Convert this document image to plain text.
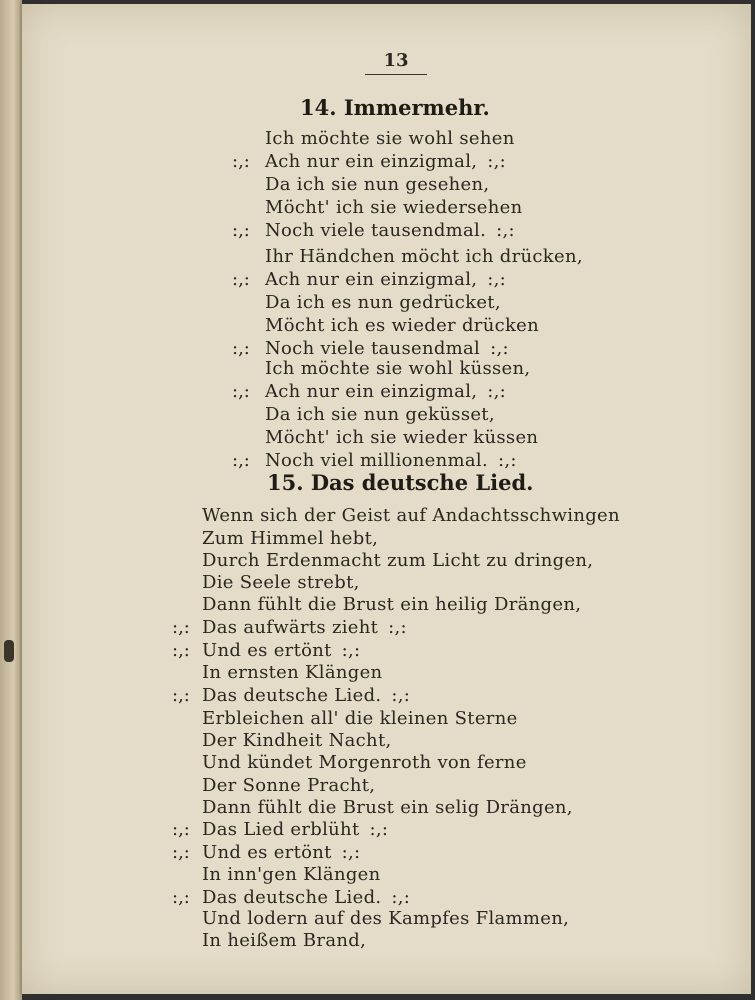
13
14. Immermehr.
15. Das deutsche Lied.
Ich möchte sie wohl sehen
:,: Ach nur ein einzigmal, :,:
Da ich sie nun gesehen,
Möcht' ich sie wiedersehen
:,: Noch viele tausendmal. :,:
Ihr Händchen möcht ich drücken,
:,: Ach nur ein einzigmal, :,:
Da ich es nun gedrücket,
Möcht ich es wieder drücken
:,: Noch viele tausendmal :,:
Ich möchte sie wohl küssen,
:,: Ach nur ein einzigmal, :,:
Da ich sie nun geküsset,
Möcht' ich sie wieder küssen
:,: Noch viel millionenmal. :,:
Wenn sich der Geist auf Andachtsschwingen
Zum Himmel hebt,
Durch Erdenmacht zum Licht zu dringen,
Die Seele strebt,
Dann fühlt die Brust ein heilig Drängen,
:,: Das aufwärts zieht :,:
:,: Und es ertönt :,:
In ernsten Klängen
:,: Das deutsche Lied. :,:
Erbleichen all' die kleinen Sterne
Der Kindheit Nacht,
Und kündet Morgenroth von ferne
Der Sonne Pracht,
Dann fühlt die Brust ein selig Drängen,
:,: Das Lied erblüht :,:
:,: Und es ertönt :,:
In inn'gen Klängen
:,: Das deutsche Lied. :,:
Und lodern auf des Kampfes Flammen,
In heißem Brand,
